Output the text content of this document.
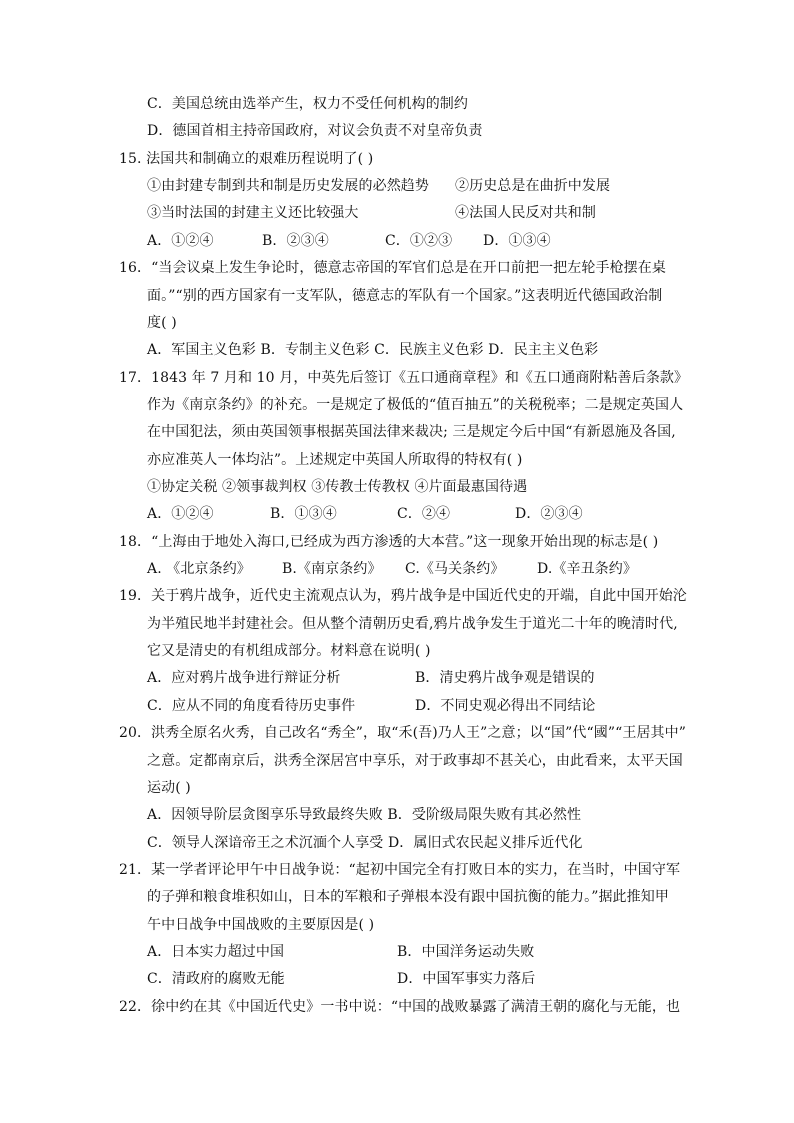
C．美国总统由选举产生，权力不受任何机构的制约
D．德国首相主持帝国政府，对议会负责不对皇帝负责
15. 法国共和制确立的艰难历程说明了( )
①由封建专制到共和制是历史发展的必然趋势 ②历史总是在曲折中发展
③当时法国的封建主义还比较强大	④法国人民反对共和制
A．①②④	B．②③④	C．①②③ D．①③④
16．“当会议桌上发生争论时，德意志帝国的军官们总是在开口前把一把左轮手枪摆在桌
面。”“别的西方国家有一支军队，德意志的军队有一个国家。”这表明近代德国政治制
度( )
A．军国主义色彩 B．专制主义色彩 C．民族主义色彩 D．民主主义色彩
17．1843 年 7 月和 10 月，中英先后签订《五口通商章程》和《五口通商附粘善后条款》
作为《南京条约》的补充。一是规定了极低的“值百抽五”的关税税率；二是规定英国人
在中国犯法，须由英国领事根据英国法律来裁决; 三是规定今后中国“有新恩施及各国,
亦应准英人一体均沾”。上述规定中英国人所取得的特权有( )
①协定关税 ②领事裁判权 ③传教士传教权 ④片面最惠国待遇
A．①②④	B．①③④	C．②④	D．②③④
18．“上海由于地处入海口,已经成为西方渗透的大本营。”这一现象开始出现的标志是( )
A. 《北京条约》 B.《南京条约》 C.《马关条约》 D.《辛丑条约》
19．关于鸦片战争，近代史主流观点认为，鸦片战争是中国近代史的开端，自此中国开始沦
为半殖民地半封建社会。但从整个清朝历史看,鸦片战争发生于道光二十年的晚清时代,
它又是清史的有机组成部分。材料意在说明( )
A．应对鸦片战争进行辩证分析	B．清史鸦片战争观是错误的
C．应从不同的角度看待历史事件	D．不同史观必得出不同结论
20．洪秀全原名火秀，自己改名“秀全”，取“禾(吾)乃人王”之意；以“国”代“國”“王居其中”
之意。定都南京后，洪秀全深居宫中享乐，对于政事却不甚关心，由此看来，太平天国
运动( )
A．因领导阶层贪图享乐导致最终失败 B．受阶级局限失败有其必然性
C．领导人深谙帝王之术沉湎个人享受 D．属旧式农民起义排斥近代化
21．某一学者评论甲午中日战争说：“起初中国完全有打败日本的实力，在当时，中国守军
的子弹和粮食堆积如山，日本的军粮和子弹根本没有跟中国抗衡的能力。”据此推知甲
午中日战争中国战败的主要原因是( )
A．日本实力超过中国	B．中国洋务运动失败
C．清政府的腐败无能	D．中国军事实力落后
22．徐中约在其《中国近代史》一书中说：“中国的战败暴露了满清王朝的腐化与无能，也
